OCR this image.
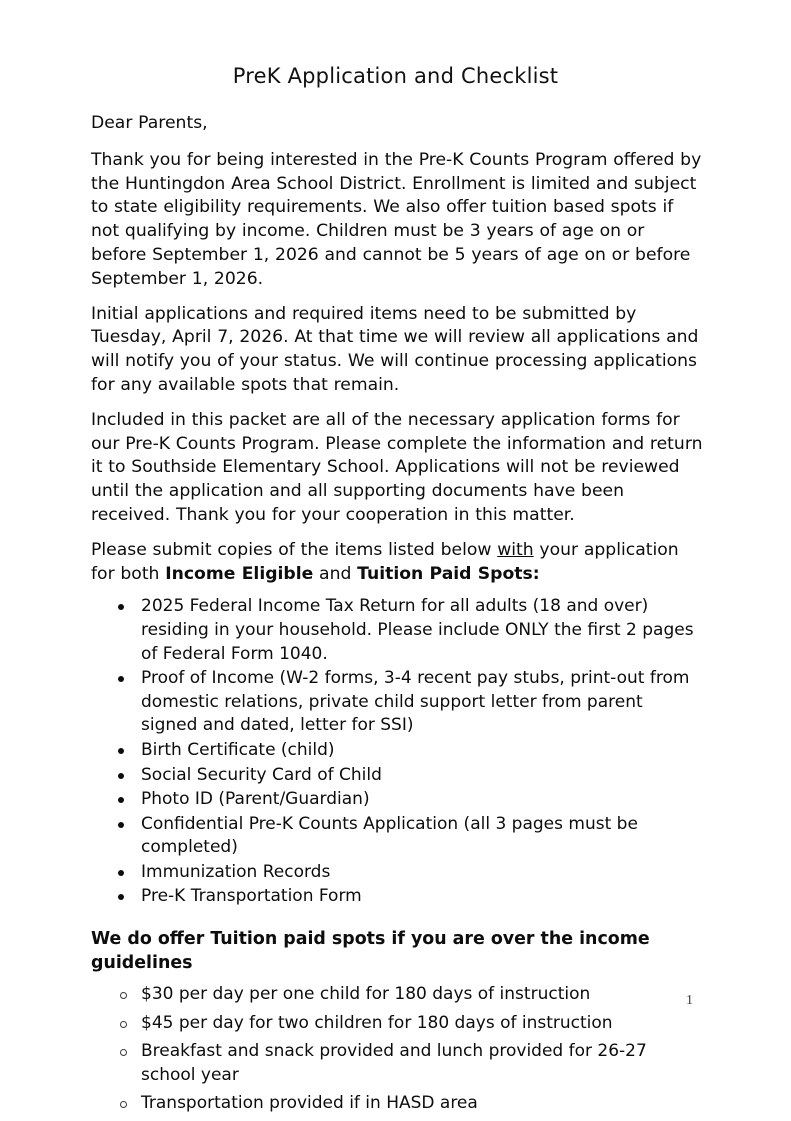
PreK Application and Checklist

Dear Parents,

Thank you for being interested in the Pre-K Counts Program offered by the Huntingdon Area School District. Enrollment is limited and subject to state eligibility requirements. We also offer tuition based spots if not qualifying by income. Children must be 3 years of age on or before September 1, 2026 and cannot be 5 years of age on or before September 1, 2026.

Initial applications and required items need to be submitted by Tuesday, April 7, 2026. At that time we will review all applications and will notify you of your status. We will continue processing applications for any available spots that remain.

Included in this packet are all of the necessary application forms for our Pre-K Counts Program. Please complete the information and return it to Southside Elementary School. Applications will not be reviewed until the application and all supporting documents have been received. Thank you for your cooperation in this matter.

Please submit copies of the items listed below with your application for both Income Eligible and Tuition Paid Spots:

2025 Federal Income Tax Return for all adults (18 and over) residing in your household. Please include ONLY the first 2 pages of Federal Form 1040.
Proof of Income (W-2 forms, 3-4 recent pay stubs, print-out from domestic relations, private child support letter from parent signed and dated, letter for SSI)
Birth Certificate (child)
Social Security Card of Child
Photo ID (Parent/Guardian)
Confidential Pre-K Counts Application (all 3 pages must be completed)
Immunization Records
Pre-K Transportation Form

We do offer Tuition paid spots if you are over the income guidelines

$30 per day per one child for 180 days of instruction
$45 per day for two children for 180 days of instruction
Breakfast and snack provided and lunch provided for 26-27 school year
Transportation provided if in HASD area
1
